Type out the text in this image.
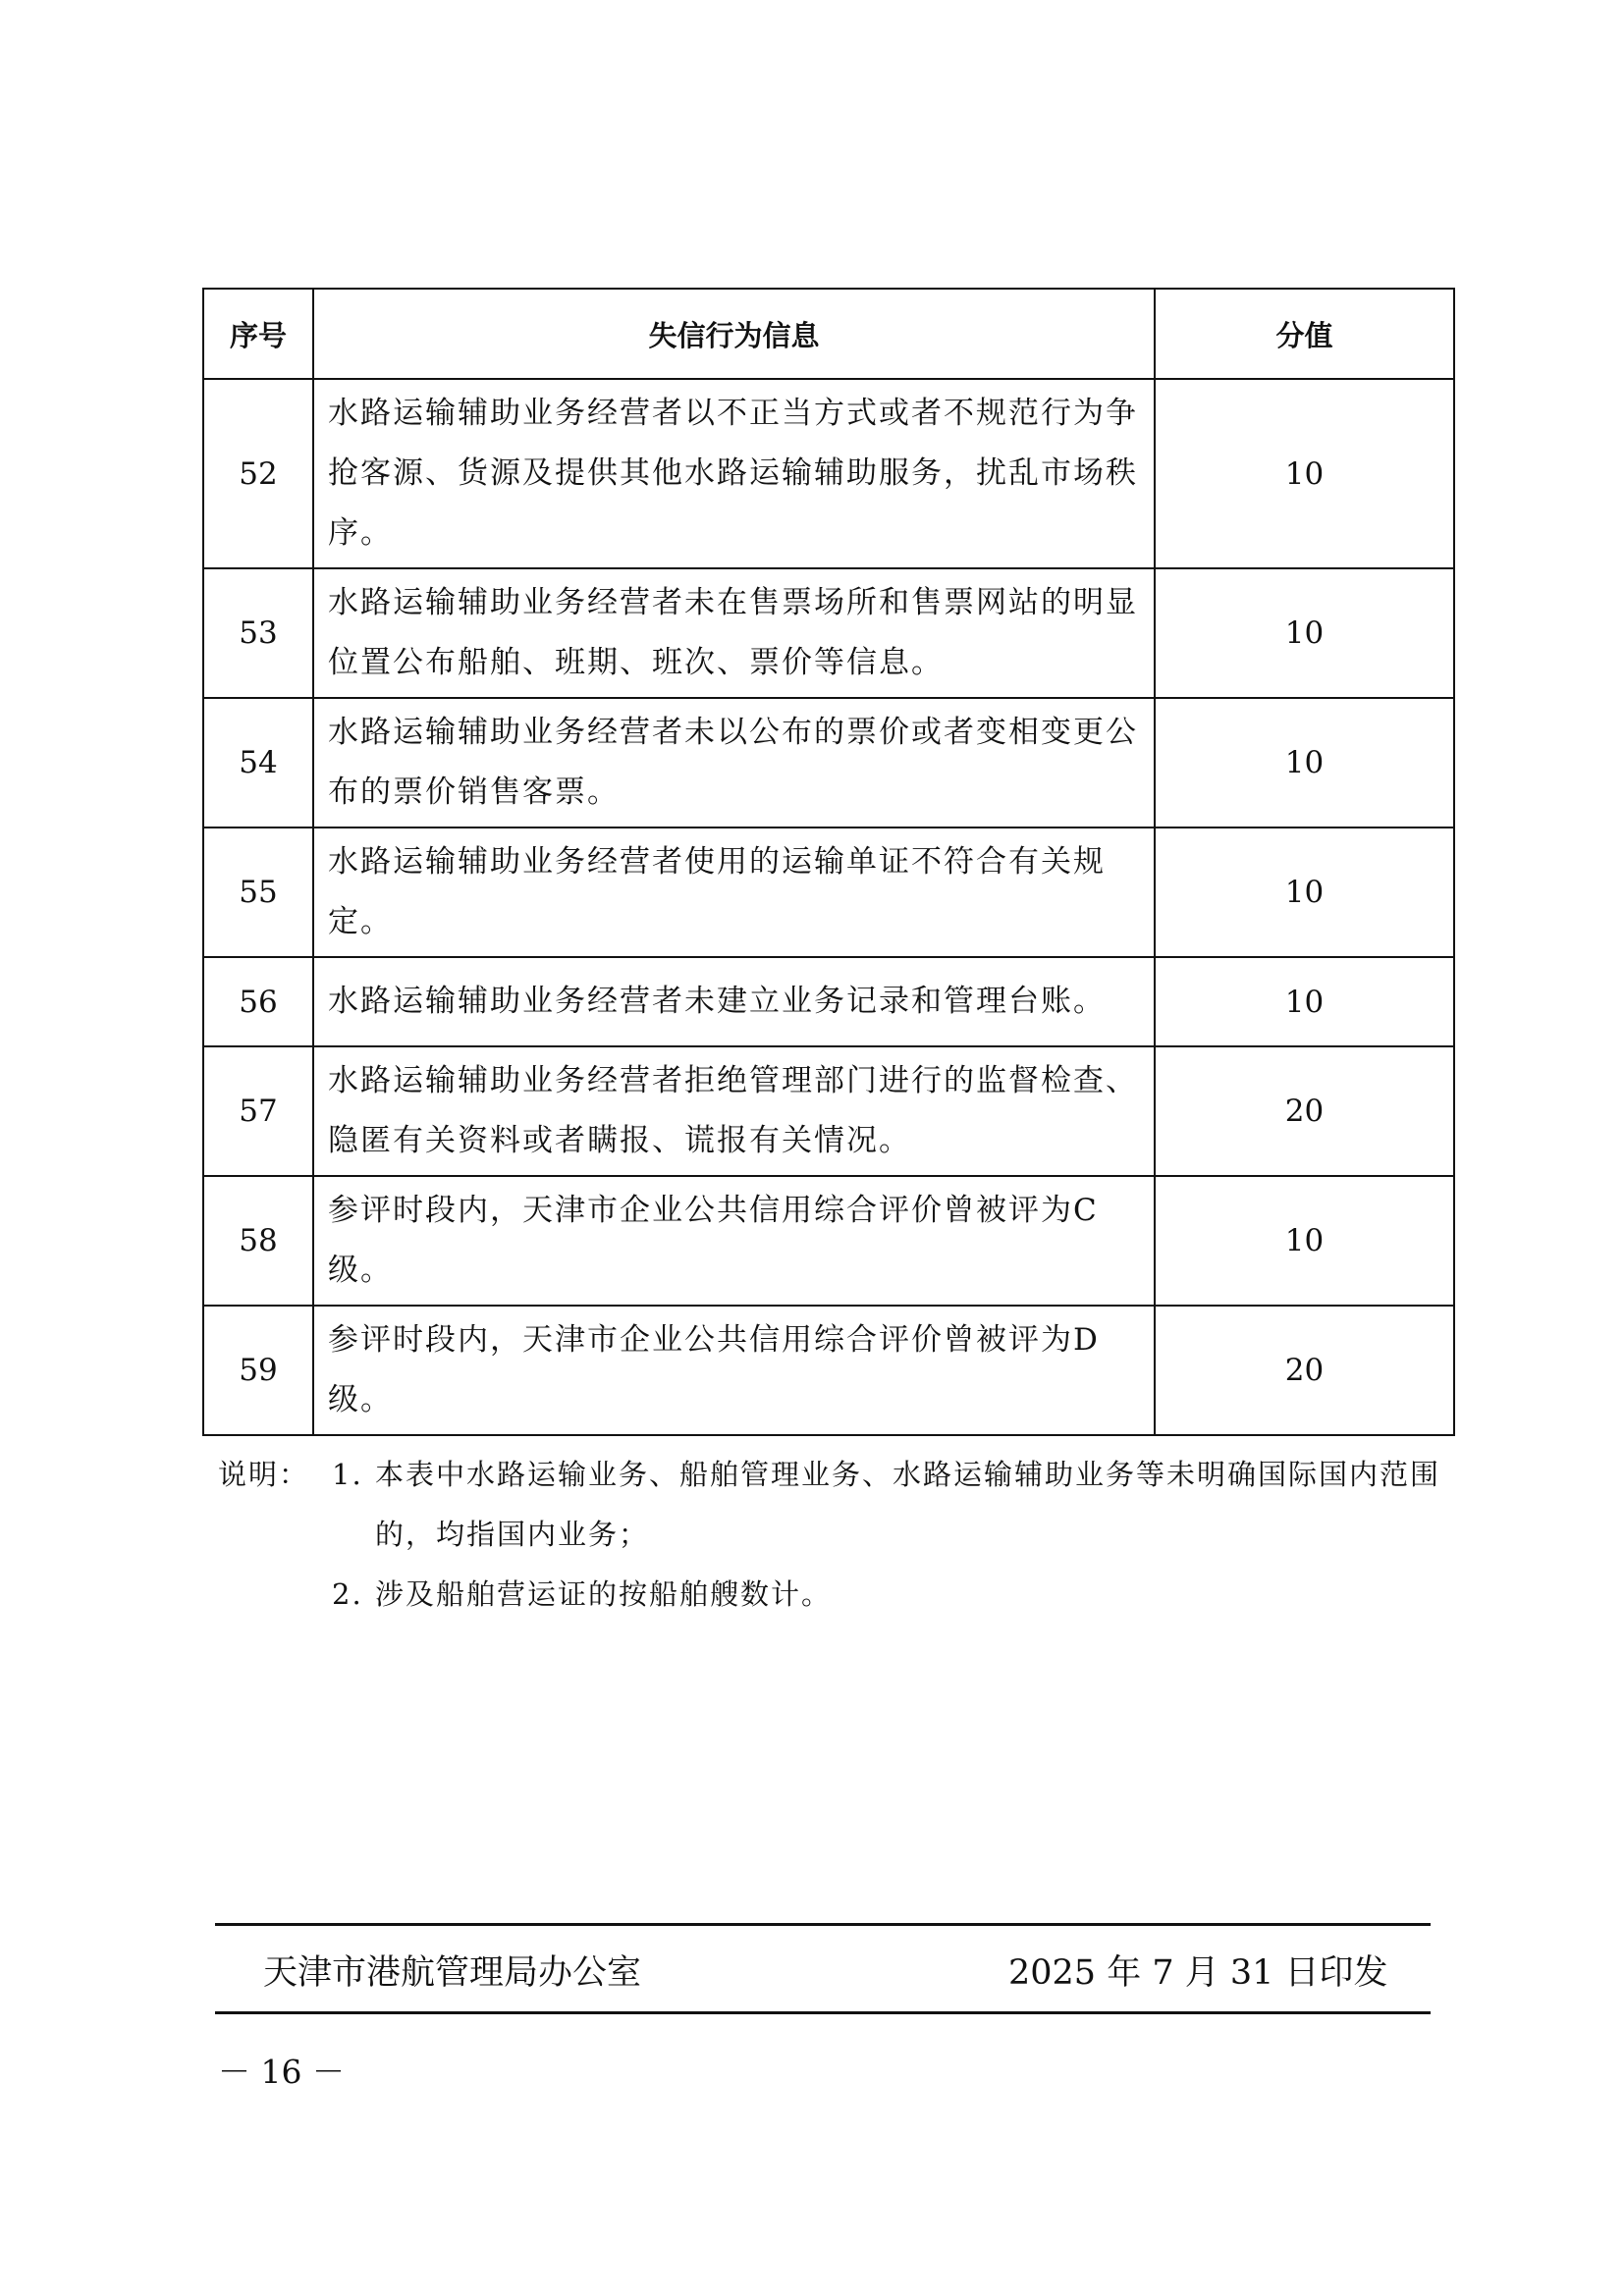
序号	失信行为信息	分值
52	水路运输辅助业务经营者以不正当方式或者不规范行为争抢客源、货源及提供其他水路运输辅助服务，扰乱市场秩序。	10
53	水路运输辅助业务经营者未在售票场所和售票网站的明显位置公布船舶、班期、班次、票价等信息。	10
54	水路运输辅助业务经营者未以公布的票价或者变相变更公布的票价销售客票。	10
55	水路运输辅助业务经营者使用的运输单证不符合有关规定。	10
56	水路运输辅助业务经营者未建立业务记录和管理台账。	10
57	水路运输辅助业务经营者拒绝管理部门进行的监督检查、隐匿有关资料或者瞒报、谎报有关情况。	20
58	参评时段内，天津市企业公共信用综合评价曾被评为C级。	10
59	参评时段内，天津市企业公共信用综合评价曾被评为D级。	20
说明： 1. 本表中水路运输业务、船舶管理业务、水路运输辅助业务等未明确国际国内范围的，均指国内业务；
2. 涉及船舶营运证的按船舶艘数计。
天津市港航管理局办公室	2025 年 7 月 31 日印发
－ 16 －
